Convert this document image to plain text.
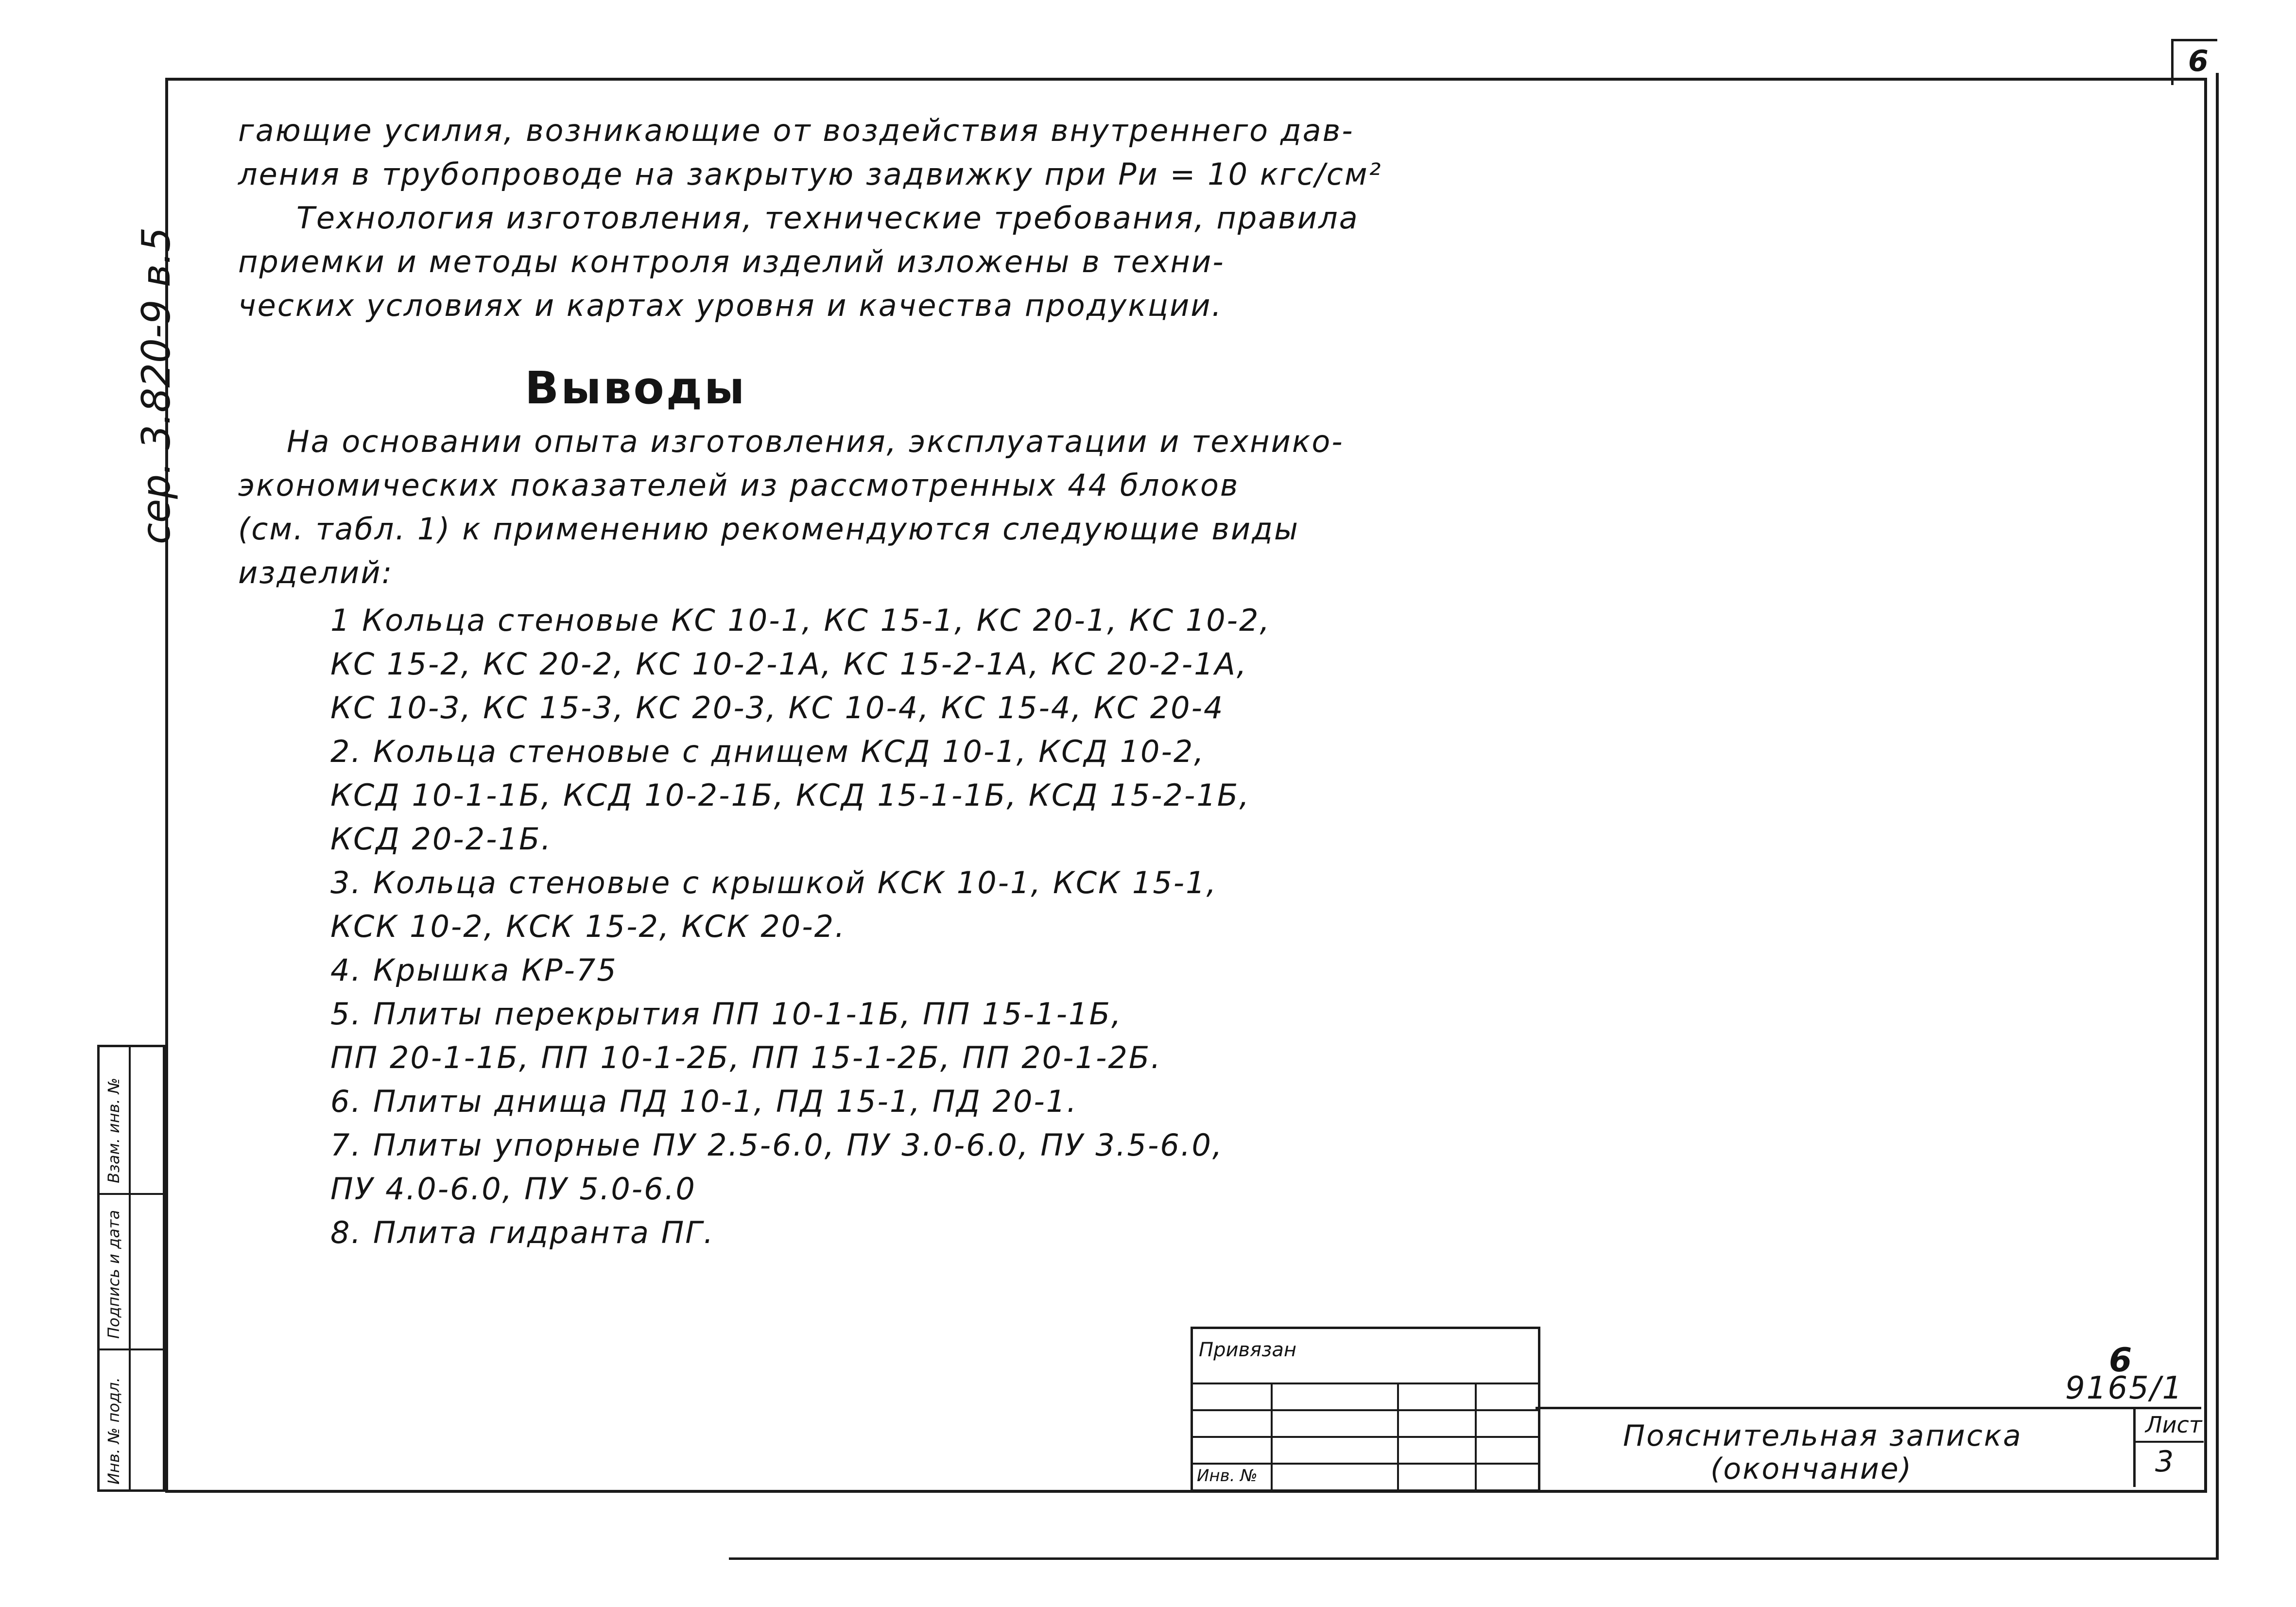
6
сер. 3.820-9 в.5
Инв. № подл.
Подпись и дата
Взам. инв. №
гающие усилия, возникающие от воздействия внутреннего дав-
ления в трубопроводе на закрытую задвижку при Pи = 10 кгс/см²
Технология изготовления, технические требования, правила
приемки и методы контроля изделий изложены в техни-
ческих условиях и картах уровня и качества продукции.
Выводы
На основании опыта изготовления, эксплуатации и технико-
экономических показателей из рассмотренных 44 блоков
(см. табл. 1) к применению рекомендуются следующие виды
изделий:
1 Кольца стеновые КС 10-1, КС 15-1, КС 20-1, КС 10-2,
КС 15-2, КС 20-2, КС 10-2-1А, КС 15-2-1А, КС 20-2-1А,
КС 10-3, КС 15-3, КС 20-3, КС 10-4, КС 15-4, КС 20-4
2. Кольца стеновые с днищем КСД 10-1, КСД 10-2,
КСД 10-1-1Б, КСД 10-2-1Б, КСД 15-1-1Б, КСД 15-2-1Б,
КСД 20-2-1Б.
3. Кольца стеновые с крышкой КСК 10-1, КСК 15-1,
КСК 10-2, КСК 15-2, КСК 20-2.
4. Крышка КР-75
5. Плиты перекрытия ПП 10-1-1Б, ПП 15-1-1Б,
ПП 20-1-1Б, ПП 10-1-2Б, ПП 15-1-2Б, ПП 20-1-2Б.
6. Плиты днища ПД 10-1, ПД 15-1, ПД 20-1.
7. Плиты упорные ПУ 2.5-6.0, ПУ 3.0-6.0, ПУ 3.5-6.0,
ПУ 4.0-6.0, ПУ 5.0-6.0
8. Плита гидранта ПГ.
Привязан
Инв. №
Пояснительная записка
(окончание)
Лист
3
6
9165/1
